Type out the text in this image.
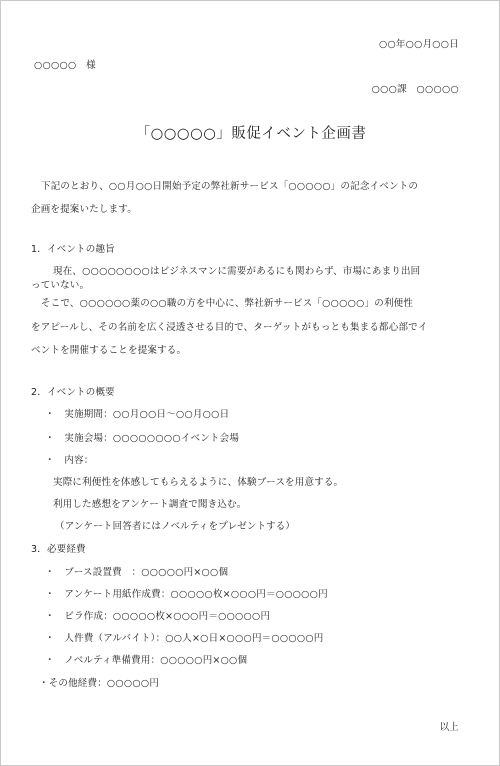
○○年○○月○○日
○○○○○　様
○○○課　○○○○○
「○○○○○」販促イベント企画書
下記のとおり、○○月○○日開始予定の弊社新サービス「○○○○○」の記念イベントの
企画を提案いたします。
1．イベントの趣旨
現在、○○○○○○○○はビジネスマンに需要があるにも関わらず、市場にあまり出回
っていない。
そこで、○○○○○○薬の○○職の方を中心に、弊社新サービス「○○○○○」の利便性
をアピールし、その名前を広く浸透させる目的で、ターゲットがもっとも集まる都心部でイ
ベントを開催することを提案する。
2．イベントの概要
・　実施期間：○○月○○日～○○月○○日
・　実施会場：○○○○○○○○イベント会場
・　内容：
実際に利便性を体感してもらえるように、体験ブースを用意する。
利用した感想をアンケート調査で聞き込む。
（アンケート回答者にはノベルティをプレゼントする）
3．必要経費
・　ブース設置費　：○○○○○円×○○個
・　アンケート用紙作成費：○○○○○枚×○○○円＝○○○○○円
・　ビラ作成：○○○○○枚×○○○円＝○○○○○円
・　人件費（アルバイト）：○○人×○日×○○○円＝○○○○○円
・　ノベルティ準備費用：○○○○○円×○○個
・その他経費：○○○○○円
以上
